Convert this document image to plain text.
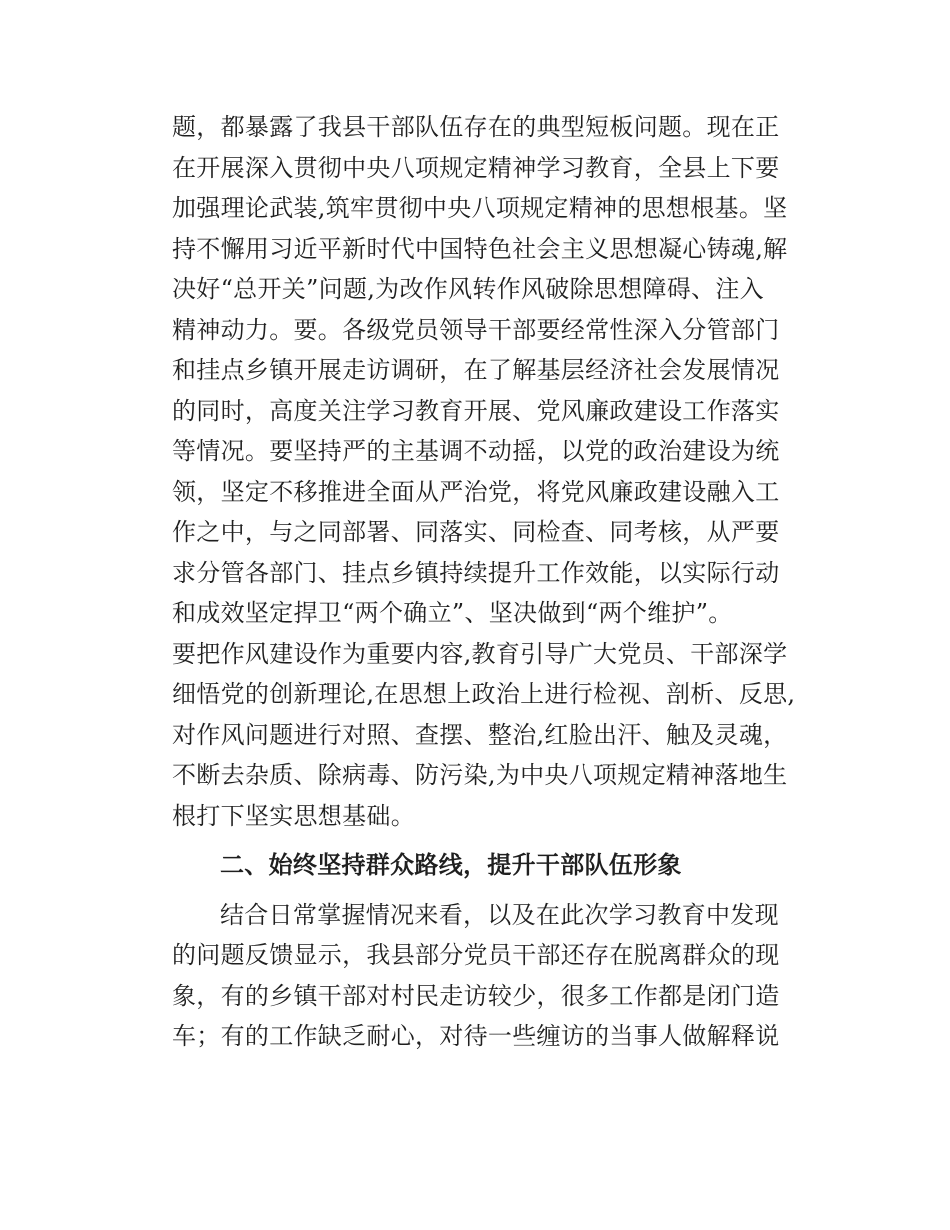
题，都暴露了我县干部队伍存在的典型短板问题。现在正
在开展深入贯彻中央八项规定精神学习教育，全县上下要
加强理论武装,筑牢贯彻中央八项规定精神的思想根基。坚
持不懈用习近平新时代中国特色社会主义思想凝心铸魂,解
决好“总开关”问题,为改作风转作风破除思想障碍、注入
精神动力。要。各级党员领导干部要经常性深入分管部门
和挂点乡镇开展走访调研，在了解基层经济社会发展情况
的同时，高度关注学习教育开展、党风廉政建设工作落实
等情况。要坚持严的主基调不动摇，以党的政治建设为统
领，坚定不移推进全面从严治党，将党风廉政建设融入工
作之中，与之同部署、同落实、同检查、同考核，从严要
求分管各部门、挂点乡镇持续提升工作效能，以实际行动
和成效坚定捍卫“两个确立”、坚决做到“两个维护”。
要把作风建设作为重要内容,教育引导广大党员、干部深学
细悟党的创新理论,在思想上政治上进行检视、剖析、反思,
对作风问题进行对照、查摆、整治,红脸出汗、触及灵魂，
不断去杂质、除病毒、防污染,为中央八项规定精神落地生
根打下坚实思想基础。
二、始终坚持群众路线，提升干部队伍形象
结合日常掌握情况来看，以及在此次学习教育中发现
的问题反馈显示，我县部分党员干部还存在脱离群众的现
象，有的乡镇干部对村民走访较少，很多工作都是闭门造
车；有的工作缺乏耐心，对待一些缠访的当事人做解释说
